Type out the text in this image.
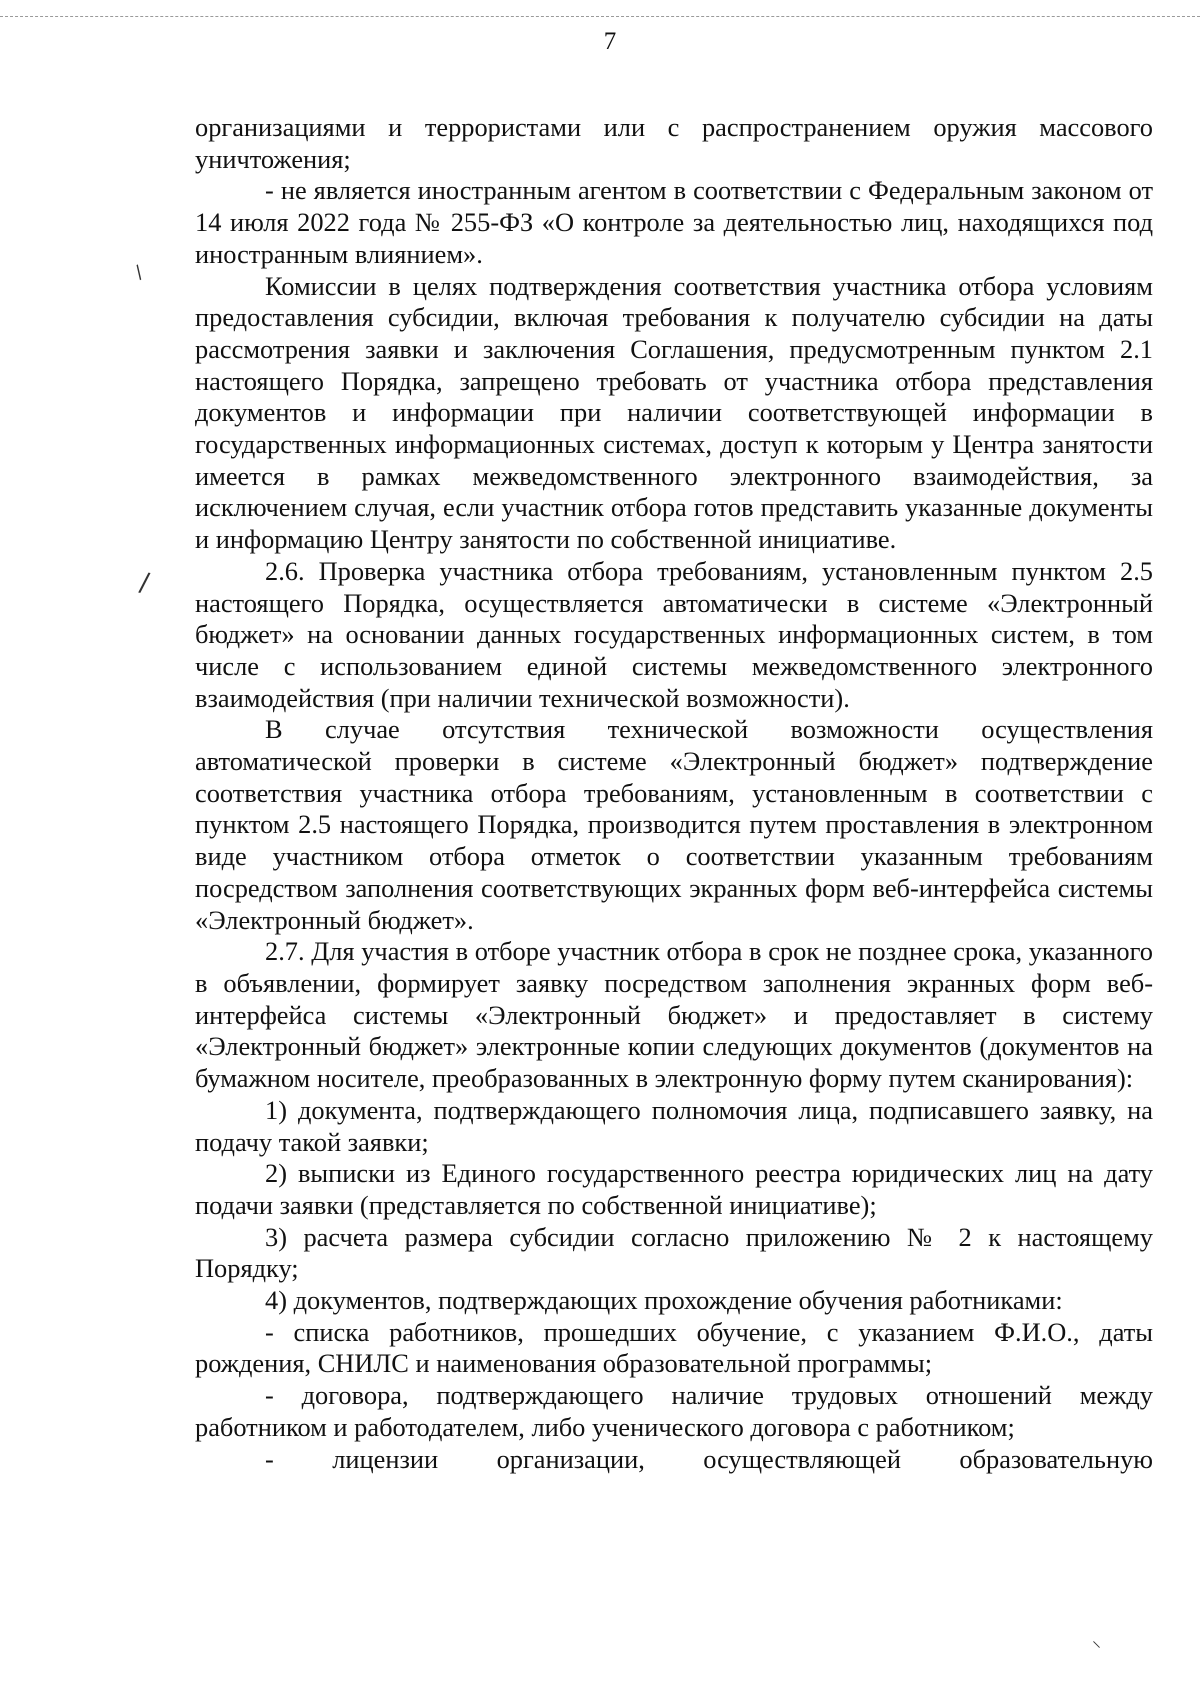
7

организациями и террористами или с распространением оружия массового уничтожения;

- не является иностранным агентом в соответствии с Федеральным законом от 14 июля 2022 года № 255-ФЗ «О контроле за деятельностью лиц, находящихся под иностранным влиянием».

Комиссии в целях подтверждения соответствия участника отбора условиям предоставления субсидии, включая требования к получателю субсидии на даты рассмотрения заявки и заключения Соглашения, предусмотренным пунктом 2.1 настоящего Порядка, запрещено требовать от участника отбора представления документов и информации при наличии соответствующей информации в государственных информационных системах, доступ к которым у Центра занятости имеется в рамках межведомственного электронного взаимодействия, за исключением случая, если участник отбора готов представить указанные документы и информацию Центру занятости по собственной инициативе.

2.6. Проверка участника отбора требованиям, установленным пунктом 2.5 настоящего Порядка, осуществляется автоматически в системе «Электронный бюджет» на основании данных государственных информационных систем, в том числе с использованием единой системы межведомственного электронного взаимодействия (при наличии технической возможности).

В случае отсутствия технической возможности осуществления автоматической проверки в системе «Электронный бюджет» подтверждение соответствия участника отбора требованиям, установленным в соответствии с пунктом 2.5 настоящего Порядка, производится путем проставления в электронном виде участником отбора отметок о соответствии указанным требованиям посредством заполнения соответствующих экранных форм веб-интерфейса системы «Электронный бюджет».

2.7. Для участия в отборе участник отбора в срок не позднее срока, указанного в объявлении, формирует заявку посредством заполнения экранных форм веб-интерфейса системы «Электронный бюджет» и предоставляет в систему «Электронный бюджет» электронные копии следующих документов (документов на бумажном носителе, преобразованных в электронную форму путем сканирования):

1) документа, подтверждающего полномочия лица, подписавшего заявку, на подачу такой заявки;

2) выписки из Единого государственного реестра юридических лиц на дату подачи заявки (представляется по собственной инициативе);

3) расчета размера субсидии согласно приложению № 2 к настоящему Порядку;

4) документов, подтверждающих прохождение обучения работниками:

- списка работников, прошедших обучение, с указанием Ф.И.О., даты рождения, СНИЛС и наименования образовательной программы;

- договора, подтверждающего наличие трудовых отношений между работником и работодателем, либо ученического договора с работником;

- лицензии организации, осуществляющей образовательную

/
/
⸌
